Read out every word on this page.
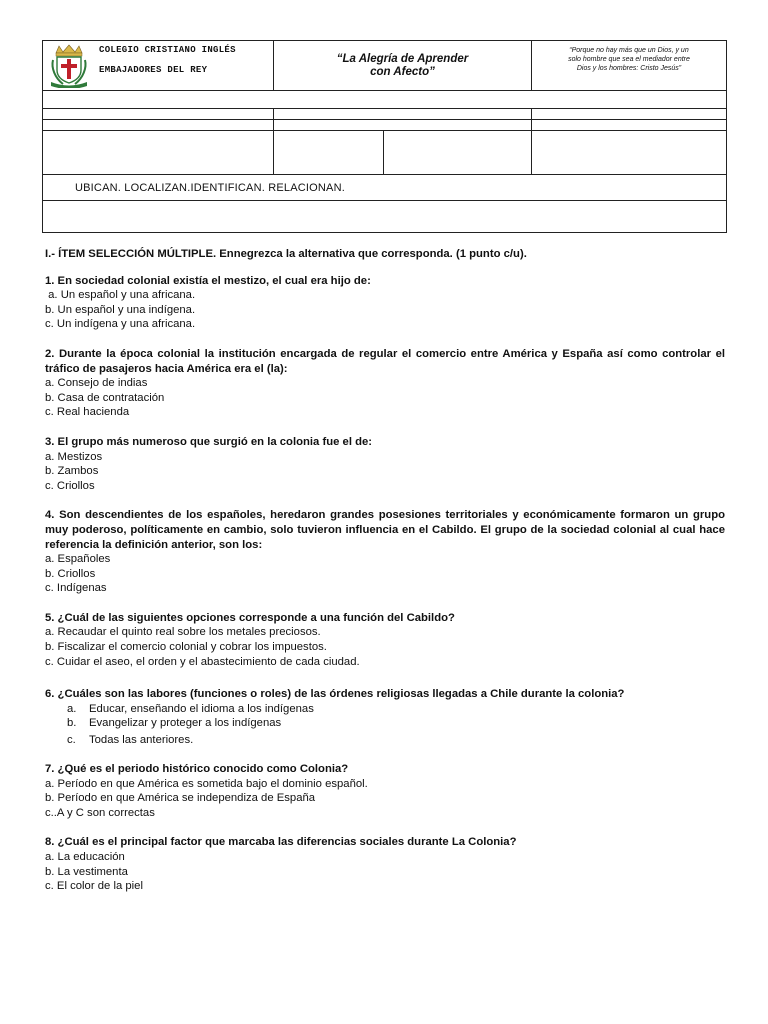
COLEGIO CRISTIANO INGLÉS
EMBAJADORES DEL REY
“La Alegría de Aprender
con Afecto”
“Porque no hay más que un Dios, y un
solo hombre que sea el mediador entre
Dios y los hombres: Cristo Jesús”
UBICAN. LOCALIZAN.IDENTIFICAN. RELACIONAN.

I.- ÍTEM SELECCIÓN MÚLTIPLE. Ennegrezca la alternativa que corresponda. (1 punto c/u).

1. En sociedad colonial existía el mestizo, el cual era hijo de:
a. Un español y una africana.
b. Un español y una indígena.
c. Un indígena y una africana.
2. Durante la época colonial la institución encargada de regular el comercio entre América y España así como controlar el tráfico de pasajeros hacia América era el (la):
a. Consejo de indias
b. Casa de contratación
c. Real hacienda
3. El grupo más numeroso que surgió en la colonia fue el de:
a. Mestizos
b. Zambos
c. Criollos
4. Son descendientes de los españoles, heredaron grandes posesiones territoriales y económicamente formaron un grupo muy poderoso, políticamente en cambio, solo tuvieron influencia en el Cabildo. El grupo de la sociedad colonial al cual hace referencia la definición anterior, son los:
a. Españoles
b. Criollos
c. Indígenas
5. ¿Cuál de las siguientes opciones corresponde a una función del Cabildo?
a. Recaudar el quinto real sobre los metales preciosos.
b. Fiscalizar el comercio colonial y cobrar los impuestos.
c. Cuidar el aseo, el orden y el abastecimiento de cada ciudad.
6. ¿Cuáles son las labores (funciones o roles) de las órdenes religiosas llegadas a Chile durante la colonia?
a. Educar, enseñando el idioma a los indígenas
b. Evangelizar y proteger a los indígenas
c. Todas las anteriores.
7. ¿Qué es el periodo histórico conocido como Colonia?
a. Período en que América es sometida bajo el dominio español.
b. Período en que América se independiza de España
c..A y C son correctas
8. ¿Cuál es el principal factor que marcaba las diferencias sociales durante La Colonia?
a. La educación
b. La vestimenta
c. El color de la piel
